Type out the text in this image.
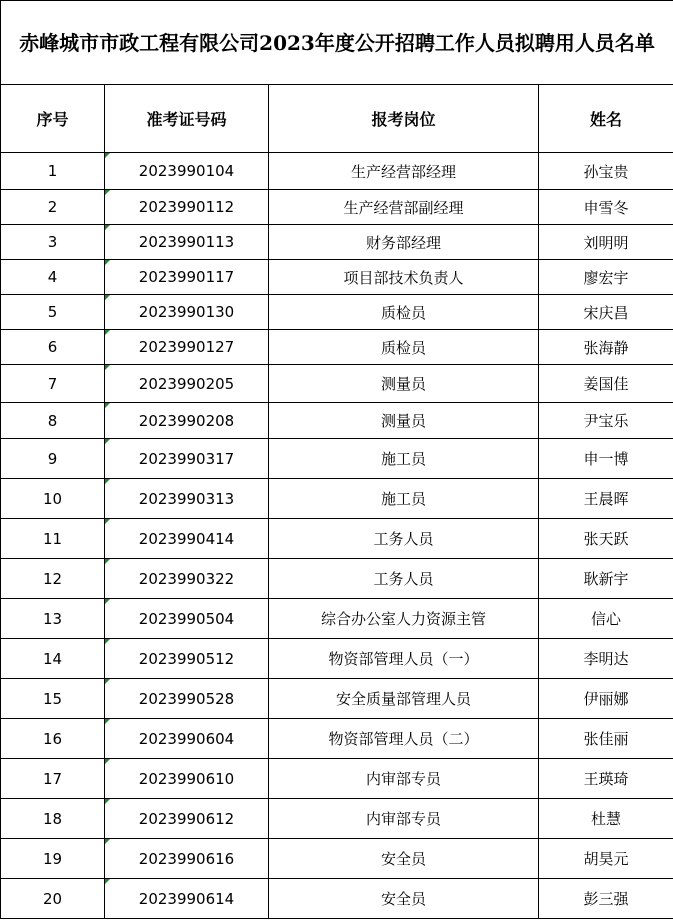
赤峰城市市政工程有限公司2023年度公开招聘工作人员拟聘用人员名单			
序号	准考证号码	报考岗位	姓名
1	2023990104	生产经营部经理	孙宝贵
2	2023990112	生产经营部副经理	申雪冬
3	2023990113	财务部经理	刘明明
4	2023990117	项目部技术负责人	廖宏宇
5	2023990130	质检员	宋庆昌
6	2023990127	质检员	张海静
7	2023990205	测量员	姜国佳
8	2023990208	测量员	尹宝乐
9	2023990317	施工员	申一博
10	2023990313	施工员	王晨晖
11	2023990414	工务人员	张天跃
12	2023990322	工务人员	耿新宇
13	2023990504	综合办公室人力资源主管	信心
14	2023990512	物资部管理人员（一）	李明达
15	2023990528	安全质量部管理人员	伊丽娜
16	2023990604	物资部管理人员（二）	张佳丽
17	2023990610	内审部专员	王瑛琦
18	2023990612	内审部专员	杜慧
19	2023990616	安全员	胡昊元
20	2023990614	安全员	彭三强
